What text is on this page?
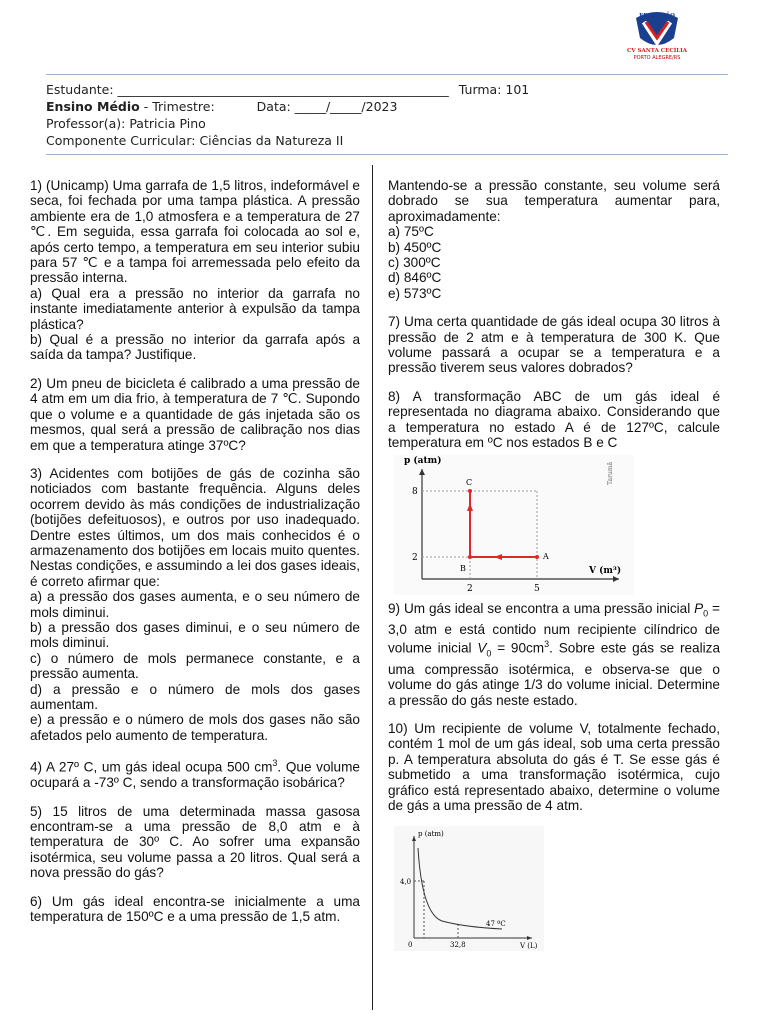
EDUCAÇÃO
CV SANTA CECÍLIA
PORTO ALEGRE/RS
Estudante: _____________________________________________________ Turma: 101
Ensino Médio - Trimestre:	Data: _____/_____/2023
Professor(a): Patricia Pino
Componente Curricular: Ciências da Natureza II

1) (Unicamp) Uma garrafa de 1,5 litros, indeformável e seca, foi fechada por uma tampa plástica. A pressão ambiente era de 1,0 atmosfera e a temperatura de 27 ℃. Em seguida, essa garrafa foi colocada ao sol e, após certo tempo, a temperatura em seu interior subiu para 57 ℃ e a tampa foi arremessada pelo efeito da pressão interna.
a) Qual era a pressão no interior da garrafa no instante imediatamente anterior à expulsão da tampa plástica?
b) Qual é a pressão no interior da garrafa após a saída da tampa? Justifique.

2) Um pneu de bicicleta é calibrado a uma pressão de 4 atm em um dia frio, à temperatura de 7 ℃. Supondo que o volume e a quantidade de gás injetada são os mesmos, qual será a pressão de calibração nos dias em que a temperatura atinge 37ºC?

3) Acidentes com botijões de gás de cozinha são noticiados com bastante frequência. Alguns deles ocorrem devido às más condições de industrialização (botijões defeituosos), e outros por uso inadequado. Dentre estes últimos, um dos mais conhecidos é o armazenamento dos botijões em locais muito quentes. Nestas condições, e assumindo a lei dos gases ideais, é correto afirmar que:
a) a pressão dos gases aumenta, e o seu número de mols diminui.
b) a pressão dos gases diminui, e o seu número de mols diminui.
c) o número de mols permanece constante, e a pressão aumenta.
d) a pressão e o número de mols dos gases aumentam.
e) a pressão e o número de mols dos gases não são afetados pelo aumento de temperatura.

4) A 27º C, um gás ideal ocupa 500 $cm^3$. Que volume ocupará a -73º C, sendo a transformação isobárica?

5) 15 litros de uma determinada massa gasosa encontram-se a uma pressão de 8,0 atm e à temperatura de 30º C. Ao sofrer uma expansão isotérmica, seu volume passa a 20 litros. Qual será a nova pressão do gás?

6) Um gás ideal encontra-se inicialmente a uma temperatura de 150ºC e a uma pressão de 1,5 atm.

Mantendo-se a pressão constante, seu volume será dobrado se sua temperatura aumentar para, aproximadamente:
a) 75ºC
b) 450ºC
c) 300ºC
d) 846ºC
e) 573ºC

7) Uma certa quantidade de gás ideal ocupa 30 litros à pressão de 2 atm e à temperatura de 300 K. Que volume passará a ocupar se a temperatura e a pressão tiverem seus valores dobrados?

8) A transformação ABC de um gás ideal é representada no diagrama abaixo. Considerando que a temperatura no estado A é de 127ºC, calcule temperatura em ºC nos estados B e C

p (atm)
V (m³)
8
2
2	5
A
B
C	Tarumã

9) Um gás ideal se encontra a uma pressão inicial $P_0 = 3,0$ atm e está contido num recipiente cilíndrico de volume inicial $V_0 = 90cm^3$. Sobre este gás se realiza uma compressão isotérmica, e observa-se que o volume do gás atinge 1/3 do volume inicial. Determine a pressão do gás neste estado.

10) Um recipiente de volume V, totalmente fechado, contém 1 mol de um gás ideal, sob uma certa pressão p. A temperatura absoluta do gás é T. Se esse gás é submetido a uma transformação isotérmica, cujo gráfico está representado abaixo, determine o volume de gás a uma pressão de 4 atm.

p (atm)
V (L)
4,0
32,8
0
47 ºC
